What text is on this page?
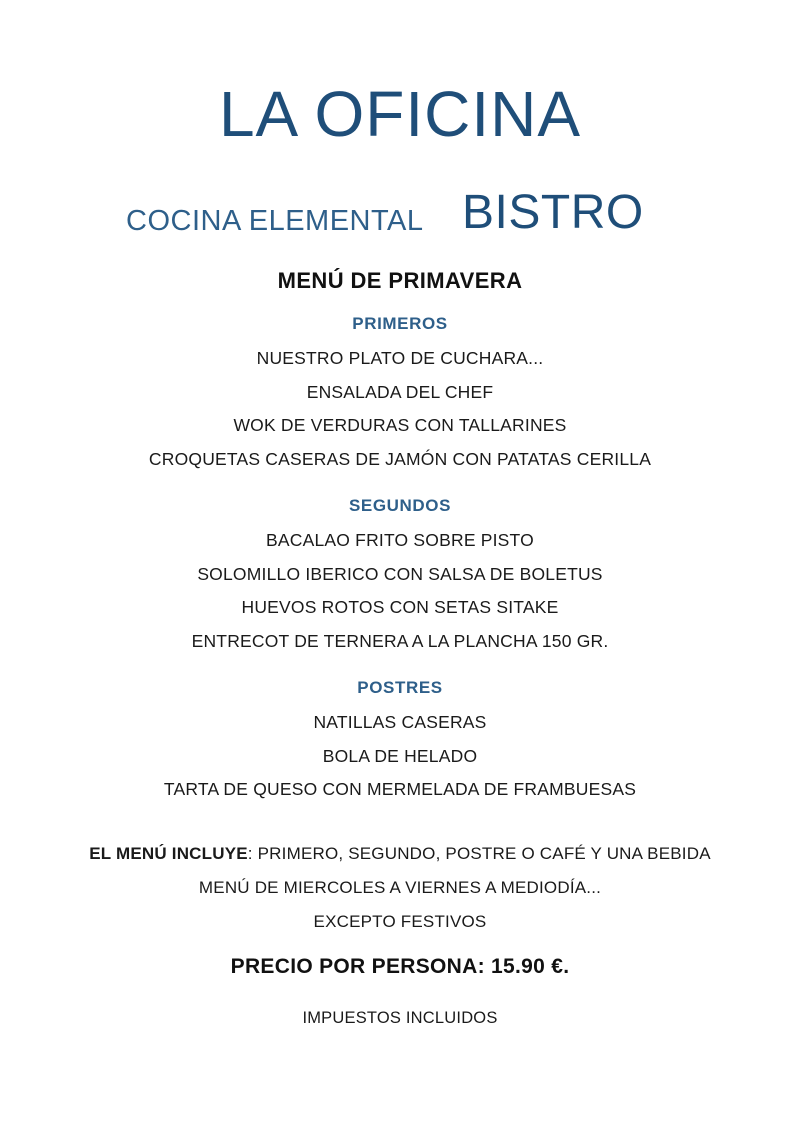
LA OFICINA
COCINA ELEMENTAL BISTRO
MENÚ DE PRIMAVERA
PRIMEROS
NUESTRO PLATO DE CUCHARA...
ENSALADA DEL CHEF
WOK DE VERDURAS CON TALLARINES
CROQUETAS CASERAS DE JAMÓN CON PATATAS CERILLA
SEGUNDOS
BACALAO FRITO SOBRE PISTO
SOLOMILLO IBERICO CON SALSA DE BOLETUS
HUEVOS ROTOS CON SETAS SITAKE
ENTRECOT DE TERNERA A LA PLANCHA 150 GR.
POSTRES
NATILLAS CASERAS
BOLA DE HELADO
TARTA DE QUESO CON MERMELADA DE FRAMBUESAS
EL MENÚ INCLUYE: PRIMERO, SEGUNDO, POSTRE O CAFÉ Y UNA BEBIDA
MENÚ DE MIERCOLES A VIERNES A MEDIODÍA...
EXCEPTO FESTIVOS
PRECIO POR PERSONA: 15.90 €.
IMPUESTOS INCLUIDOS
